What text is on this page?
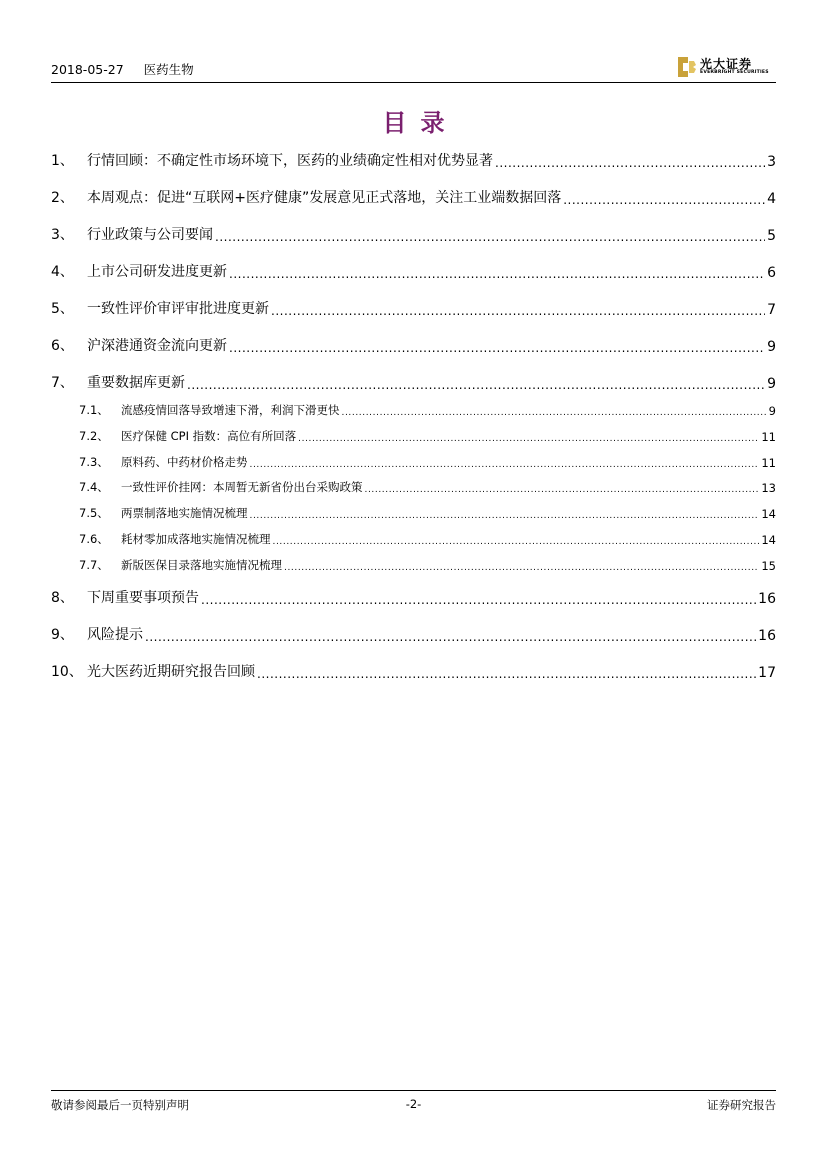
2018-05-27 医药生物	光大证券
EVERBRIGHT SECURITIES
目录
1、 行情回顾：不确定性市场环境下，医药的业绩确定性相对优势显著 .....	3
2、 本周观点：促进“互联网+医疗健康”发展意见正式落地，关注工业端数据回落 .....	4
3、 行业政策与公司要闻 .....	5
4、 上市公司研发进度更新 .....	6
5、 一致性评价审评审批进度更新 .....	7
6、 沪深港通资金流向更新 .....	9
7、 重要数据库更新 .....	9
7.1、	流感疫情回落导致增速下滑，利润下滑更快 .....	9
7.2、	医疗保健 CPI 指数：高位有所回落 .....	11
7.3、	原料药、中药材价格走势 .....	11
7.4、	一致性评价挂网：本周暂无新省份出台采购政策 .....	13
7.5、	两票制落地实施情况梳理 .....	14
7.6、	耗材零加成落地实施情况梳理 .....	14
7.7、	新版医保目录落地实施情况梳理 .....	15
8、 下周重要事项预告 .....	16
9、 风险提示 .....	16
10、 光大医药近期研究报告回顾 .....	17
敬请参阅最后一页特别声明	-2-	证券研究报告
